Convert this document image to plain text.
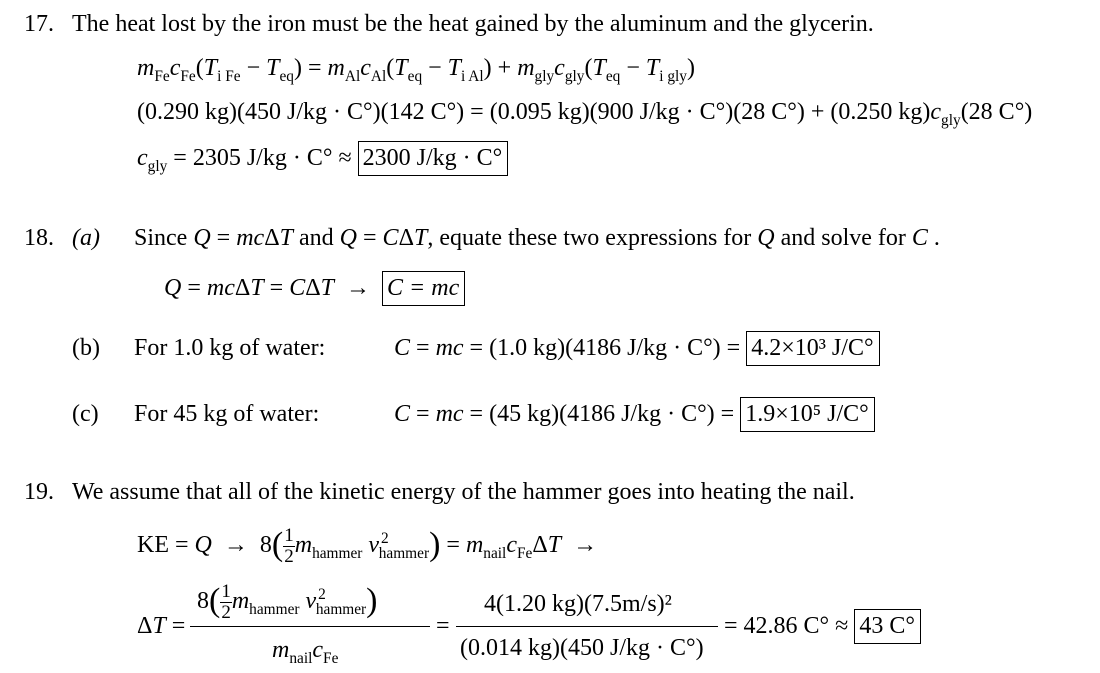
17. The heat lost by the iron must be the heat gained by the aluminum and the glycerin.
$m_{Fe}c_{Fe}(T_{i Fe} - T_{eq}) = m_{Al}c_{Al}(T_{eq} - T_{i Al}) + m_{gly}c_{gly}(T_{eq} - T_{i gly})$
(0.290 kg)(450 J/kg · C°)(142 C°) = (0.095 kg)(900 J/kg · C°)(28 C°) + (0.250 $kg)c_{gly}(28$ C°)
$c_{gly} = 2305$ J/kg · C° ≈ 2300 J/kg · C°
18. (a) Since Q = mcΔT and Q = CΔT, equate these two expressions for Q and solve for C .
Q = mcΔT = CΔT  →  C = mc
(b) For 1.0 kg of water:	C = mc = (1.0 kg)(4186 J/kg · C°) = 4.2×10³ J/C°
(c) For 45 kg of water:	C = mc = (45 kg)(4186 J/kg · C°) = 1.9×10⁵ J/C°
19. We assume that all of the kinetic energy of the hammer goes into heating the nail.
KE = $Q \to 8( \frac{1}{2} m_{hammer}$ v $^2_{hammer}) = m_{nail}c_{Fe}\Delta T$  →
ΔT =
$8( \frac{1}{2} m_{hammer}$ v $^2_{hammer}$)
$m_{nail}c_{Fe}$
=
4(1.20 kg)(7.5m/s)²
(0.014 kg)(450 J/kg · C°)
= 42.86 C° ≈ 43 C°
